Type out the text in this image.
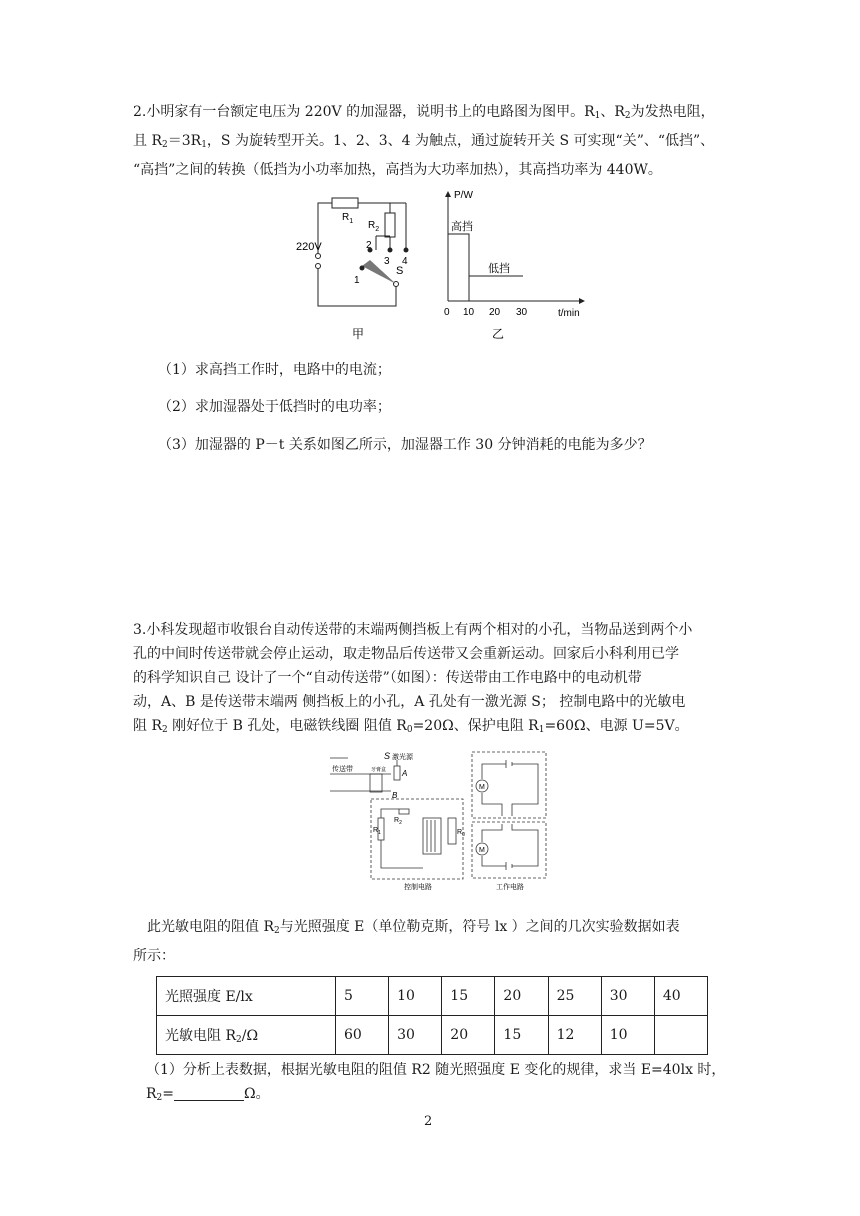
2.小明家有一台额定电压为 220V 的加湿器，说明书上的电路图为图甲。$R_1$、$R_2$为发热电阻，
且 $R_2=3R_1$，S 为旋转型开关。1、2、3、4 为触点，通过旋转开关 S 可实现“关”、“低挡”、
“高挡”之间的转换（低挡为小功率加热，高挡为大功率加热），其高挡功率为 440W。
$R_1$ $R_2$
220V
1
2
3 4
S
甲
P/W
t/min
高挡
低挡
0 10 20 30
乙
（1）求高挡工作时，电路中的电流；
（2）求加湿器处于低挡时的电功率；
（3）加湿器的 P－t 关系如图乙所示，加湿器工作 30 分钟消耗的电能为多少？
3.小科发现超市收银台自动传送带的末端两侧挡板上有两个相对的小孔，当物品送到两个小
孔的中间时传送带就会停止运动，取走物品后传送带又会重新运动。回家后小科利用已学
的科学知识自己 设计了一个“自动传送带”（如图）：传送带由工作电路中的电动机带
动，A、B 是传送带末端两 侧挡板上的小孔，A 孔处有一激光源 S； 控制电路中的光敏电
阻 $R_2$ 刚好位于 B 孔处，电磁铁线圈 阻值 $R_0=20\Omega$、保护电阻 $R_1=60\Omega$、电源 U=5V。
M
M
S 激光源
A
B
传送带	牙膏盒
$R_2$
$R_1$	$R_0$
控制电路	工作电路
此光敏电阻的阻值 $R_2$与光照强度 E（单位勒克斯，符号 lx ）之间的几次实验数据如表
所示：
光照强度 E/lx	5	10	15	20	25	30	40
光敏电阻 $R_2/\Omega$	60	30	20	15	12	10	
（1）分析上表数据，根据光敏电阻的阻值 R2 随光照强度 E 变化的规律，求当 E=40lx 时，
$R_2=$	Ω。
2
